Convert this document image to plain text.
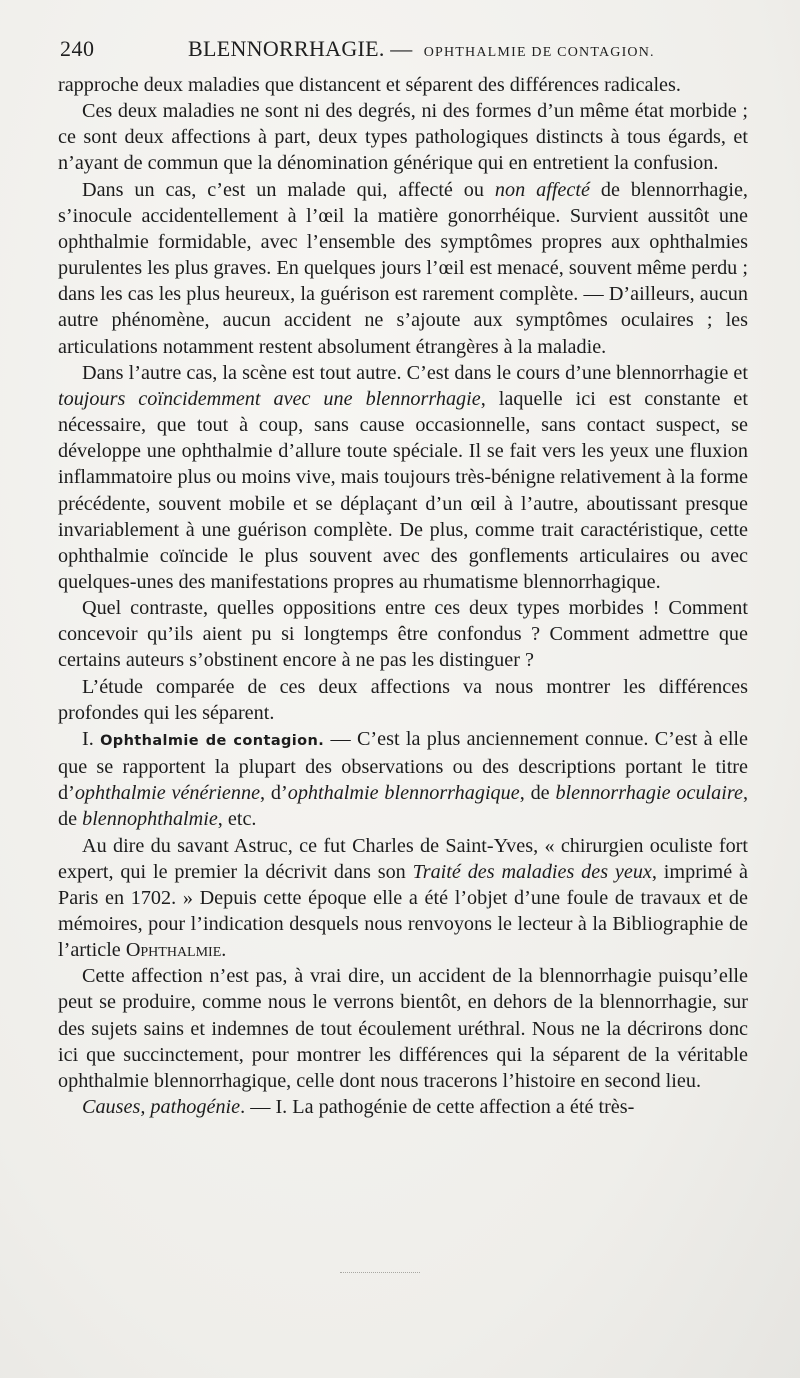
240	BLENNORRHAGIE. — OPHTHALMIE DE CONTAGION.

rapproche deux maladies que distancent et séparent des différences radicales.

Ces deux maladies ne sont ni des degrés, ni des formes d’un même état morbide ; ce sont deux affections à part, deux types pathologiques distincts à tous égards, et n’ayant de commun que la dénomination générique qui en entretient la confusion.

Dans un cas, c’est un malade qui, affecté ou non affecté de blennorrhagie, s’inocule accidentellement à l’œil la matière gonorrhéique. Survient aussitôt une ophthalmie formidable, avec l’ensemble des symptômes propres aux ophthalmies purulentes les plus graves. En quelques jours l’œil est menacé, souvent même perdu ; dans les cas les plus heureux, la guérison est rarement complète. — D’ailleurs, aucun autre phénomène, aucun accident ne s’ajoute aux symptômes oculaires ; les articulations notamment restent absolument étrangères à la maladie.

Dans l’autre cas, la scène est tout autre. C’est dans le cours d’une blennorrhagie et toujours coïncidemment avec une blennorrhagie, laquelle ici est constante et nécessaire, que tout à coup, sans cause occasionnelle, sans contact suspect, se développe une ophthalmie d’allure toute spéciale. Il se fait vers les yeux une fluxion inflammatoire plus ou moins vive, mais toujours très-bénigne relativement à la forme précédente, souvent mobile et se déplaçant d’un œil à l’autre, aboutissant presque invariablement à une guérison complète. De plus, comme trait caractéristique, cette ophthalmie coïncide le plus souvent avec des gonflements articulaires ou avec quelques-unes des manifestations propres au rhumatisme blennorrhagique.

Quel contraste, quelles oppositions entre ces deux types morbides ! Comment concevoir qu’ils aient pu si longtemps être confondus ? Comment admettre que certains auteurs s’obstinent encore à ne pas les distinguer ?

L’étude comparée de ces deux affections va nous montrer les différences profondes qui les séparent.

I. Ophthalmie de contagion. — C’est la plus anciennement connue. C’est à elle que se rapportent la plupart des observations ou des descriptions portant le titre d’ophthalmie vénérienne, d’ophthalmie blennorrhagique, de blennorrhagie oculaire, de blennophthalmie, etc.

Au dire du savant Astruc, ce fut Charles de Saint-Yves, « chirurgien oculiste fort expert, qui le premier la décrivit dans son Traité des maladies des yeux, imprimé à Paris en 1702. » Depuis cette époque elle a été l’objet d’une foule de travaux et de mémoires, pour l’indication desquels nous renvoyons le lecteur à la Bibliographie de l’article Ophthalmie.

Cette affection n’est pas, à vrai dire, un accident de la blennorrhagie puisqu’elle peut se produire, comme nous le verrons bientôt, en dehors de la blennorrhagie, sur des sujets sains et indemnes de tout écoulement uréthral. Nous ne la décrirons donc ici que succinctement, pour montrer les différences qui la séparent de la véritable ophthalmie blennorrhagique, celle dont nous tracerons l’histoire en second lieu.

Causes, pathogénie. — I. La pathogénie de cette affection a été très-
